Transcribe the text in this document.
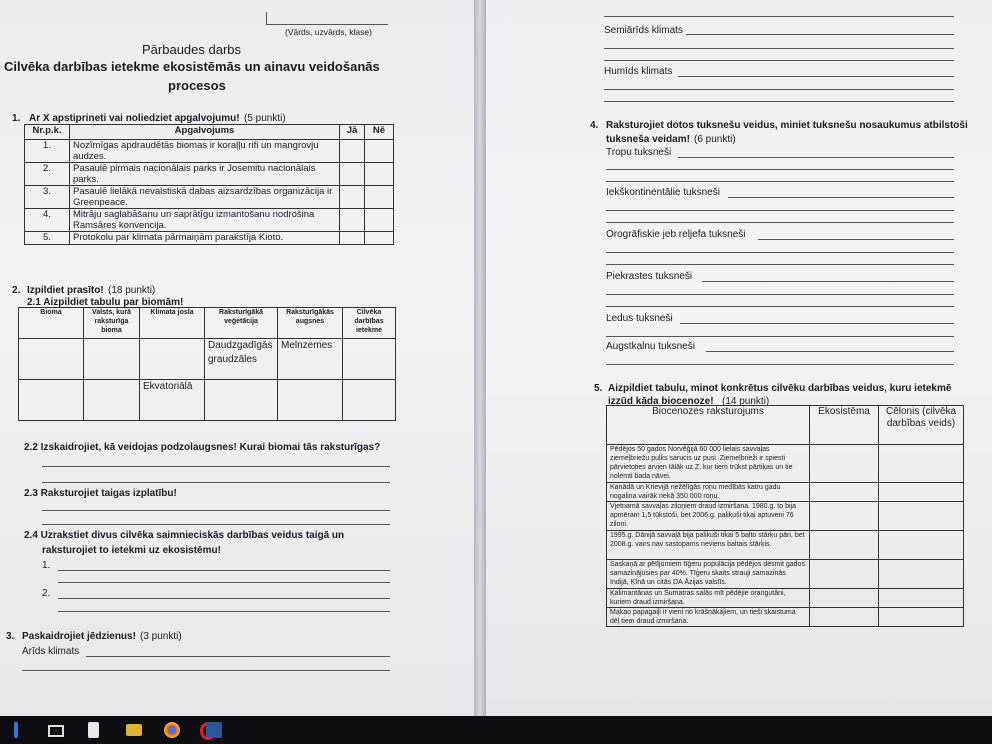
(Vārds, uzvārds, klase)
Pārbaudes darbs
Cilvēka darbības ietekme ekosistēmās un ainavu veidošanās
procesos
1. Ar X apstiprineti vai noliedziet apgalvojumu! (5 punkti)
Nr.p.k.	Apgalvojums	Jā	Nē
1.	Nozīmīgas apdraudētās biomas ir koraļļu rifi un mangrovju audzes.		
2.	Pasaulē pirmais nacionālais parks ir Josemitu nacionālais parks.		
3.	Pasaulē lielākā nevalstiskā dabas aizsardzības organizācija ir Greenpeace.		
4.	Mitrāju saglabāšanu un saprātīgu izmantošanu nodrošina Ramsāres konvencija.		
5.	Protokolu par klimata pārmaiņām parakstīja Kioto.		
2. Izpildiet prasīto! (18 punkti)
2.1 Aizpildiet tabulu par biomām!
Bioma	Valsts, kurā raksturīga bioma	Klimata josla	Raksturīgākā veģetācija	Raksturīgākās augsnes	Cilvēka darbības ietekme
			Daudzgadīgās graudzāles	Melnzemes	
		Ekvatoriālā			
2.2 Izskaidrojiet, kā veidojas podzolaugsnes! Kurai biomai tās raksturīgas?
2.3 Raksturojiet taigas izplatību!
2.4 Uzrakstiet divus cilvēka saimnieciskās darbības veidus taigā un
raksturojiet to ietekmi uz ekosistēmu!
1.
2.
3. Paskaidrojiet jēdzienus! (3 punkti)
Arīds klimats
Semiārīds klimats
Humīds klimats
4. Raksturojiet dotos tuksnešu veidus, miniet tuksnešu nosaukumus atbilstoši
tuksneša veidam! (6 punkti)
Tropu tuksneši
Iekškontinentālie tuksneši
Orogrāfiskie jeb reljefa tuksneši
Piekrastes tuksneši
Ledus tuksneši
Augstkalnu tuksneši
5. Aizpildiet tabulu, minot konkrētus cilvēku darbības veidus, kuru ietekmē
izzūd kāda biocenoze! (14 punkti)
Biocenozes raksturojums	Ekosistēma	Cēlonis (cilvēka darbības veids)
Pēdējos 50 gados Norvēģijā 60 000 lielais savvaļas ziemeļbriežu pulks sarucis uz pusi. Ziemeļbrieži ir spiesti pārvietoties arvien tālāk uz Z, kur tiem trūkst pārtikas un tie nolemti bada nāvei.		
Kanādā un Krievijā nežēlīgās roņu medībās katru gadu nogalina vairāk nekā 350 000 roņu.		
Vjetnamā savvaļas ziloņiem draud izmiršana. 1980.g. to bija apmēram 1,5 tūkstoši, bet 2006.g. palikuši tikai aptuveni 76 ziloņi.		
1995.g. Dānijā savvaļā bija palikuši tikai 5 balto stārķu pāri, bet 2008.g. vairs nav sastopams neviens baltais stārķis.		
Saskaņā ar pētījumiem tīģeru populācija pēdējos desmit gados samazinājusies par 40%. Tīģeru skaits strauji samazinās Indijā, Ķīnā un citās DA Āzijas valstīs.		
Kalimantānas un Sumatras salās mīt pēdējie orangutāni, kuriem draud izmiršana.		
Makao papagaiļi ir vieni no krāšņākajiem, un tieši skaistuma dēļ tiem draud izmiršana.		
